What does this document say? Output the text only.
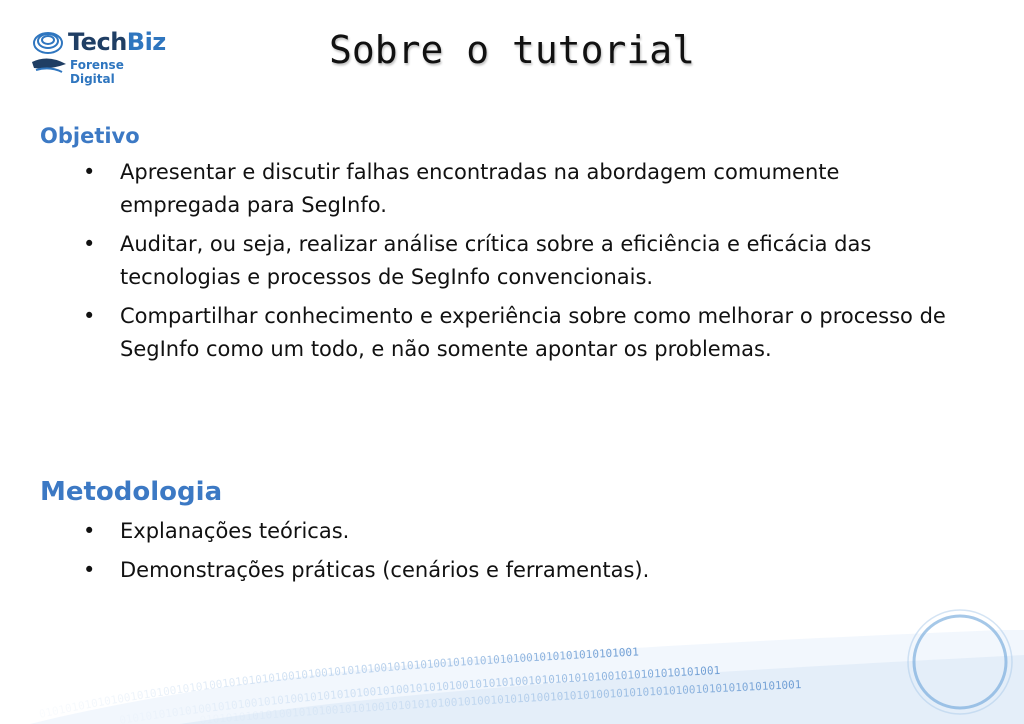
TechBiz
Forense Digital
Sobre o tutorial
Objetivo
• Apresentar e discutir falhas encontradas na abordagem comumente empregada para SegInfo.
• Auditar, ou seja, realizar análise crítica sobre a eficiência e eficácia das tecnologias e processos de SegInfo convencionais.
• Compartilhar conhecimento e experiência sobre como melhorar o processo de SegInfo como um todo, e não somente apontar os problemas.
Metodologia
• Explanações teóricas.
• Demonstrações práticas (cenários e ferramentas).
0101010101010010101001010100101010101001010010101010010101010010101010101001010101010101001
0101010101010010101001010100101010101001010010101010010101010010101010101001010101010101001
0101010101010010101001010100101010101001010010101010010101010010101010101001010101010101001
